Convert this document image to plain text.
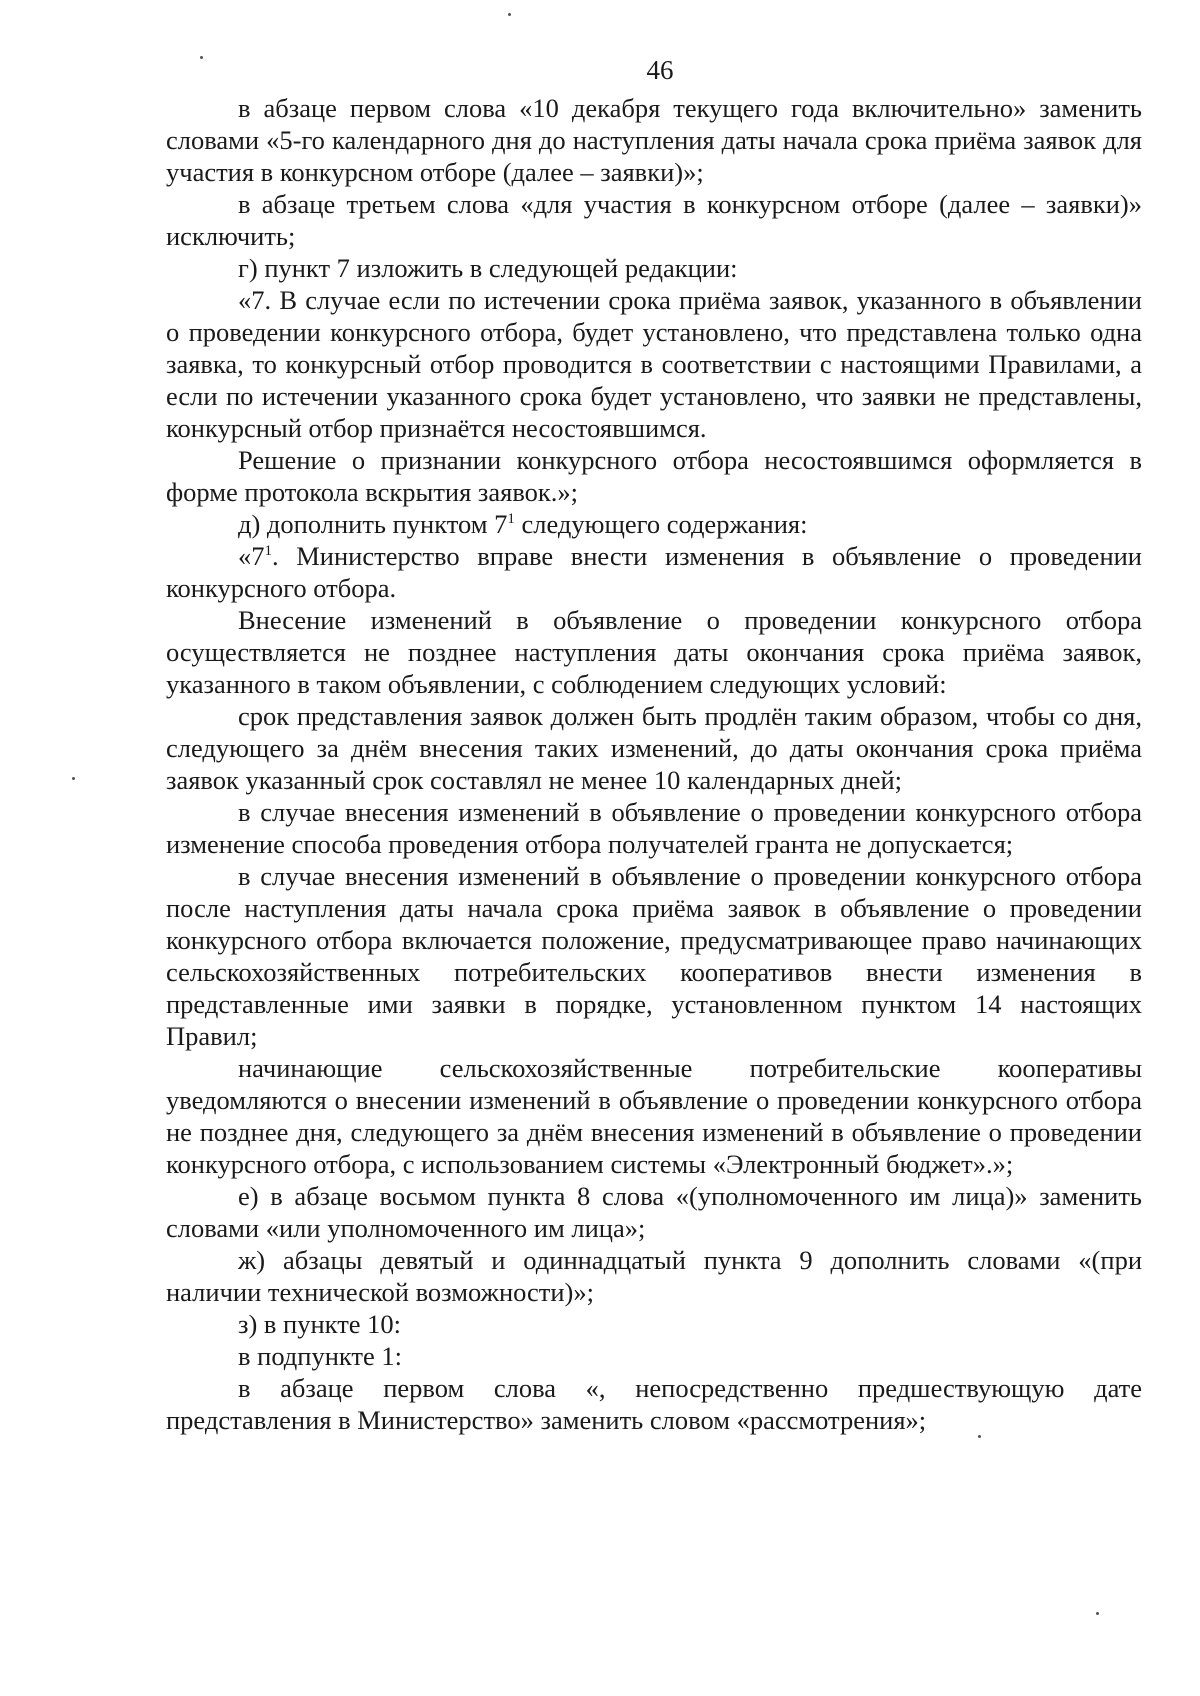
46

в абзаце первом слова «10 декабря текущего года включительно» заменить словами «5-го календарного дня до наступления даты начала срока приёма заявок для участия в конкурсном отборе (далее – заявки)»;

в абзаце третьем слова «для участия в конкурсном отборе (далее – заявки)» исключить;

г) пункт 7 изложить в следующей редакции:

«7. В случае если по истечении срока приёма заявок, указанного в объявлении о проведении конкурсного отбора, будет установлено, что представлена только одна заявка, то конкурсный отбор проводится в соответствии с настоящими Правилами, а если по истечении указанного срока будет установлено, что заявки не представлены, конкурсный отбор признаётся несостоявшимся.

Решение о признании конкурсного отбора несостоявшимся оформляется в форме протокола вскрытия заявок.»;

д) дополнить пунктом $7^1$ следующего содержания:

«$7^1$. Министерство вправе внести изменения в объявление о проведении конкурсного отбора.

Внесение изменений в объявление о проведении конкурсного отбора осуществляется не позднее наступления даты окончания срока приёма заявок, указанного в таком объявлении, с соблюдением следующих условий:

срок представления заявок должен быть продлён таким образом, чтобы со дня, следующего за днём внесения таких изменений, до даты окончания срока приёма заявок указанный срок составлял не менее 10 календарных дней;

в случае внесения изменений в объявление о проведении конкурсного отбора изменение способа проведения отбора получателей гранта не допускается;

в случае внесения изменений в объявление о проведении конкурсного отбора после наступления даты начала срока приёма заявок в объявление о проведении конкурсного отбора включается положение, предусматривающее право начинающих сельскохозяйственных потребительских кооперативов внести изменения в представленные ими заявки в порядке, установленном пунктом 14 настоящих Правил;

начинающие сельскохозяйственные потребительские кооперативы уведомляются о внесении изменений в объявление о проведении конкурсного отбора не позднее дня, следующего за днём внесения изменений в объявление о проведении конкурсного отбора, с использованием системы «Электронный бюджет».»;

е) в абзаце восьмом пункта 8 слова «(уполномоченного им лица)» заменить словами «или уполномоченного им лица»;

ж) абзацы девятый и одиннадцатый пункта 9 дополнить словами «(при наличии технической возможности)»;

з) в пункте 10:

в подпункте 1:

в абзаце первом слова «, непосредственно предшествующую дате представления в Министерство» заменить словом «рассмотрения»;
